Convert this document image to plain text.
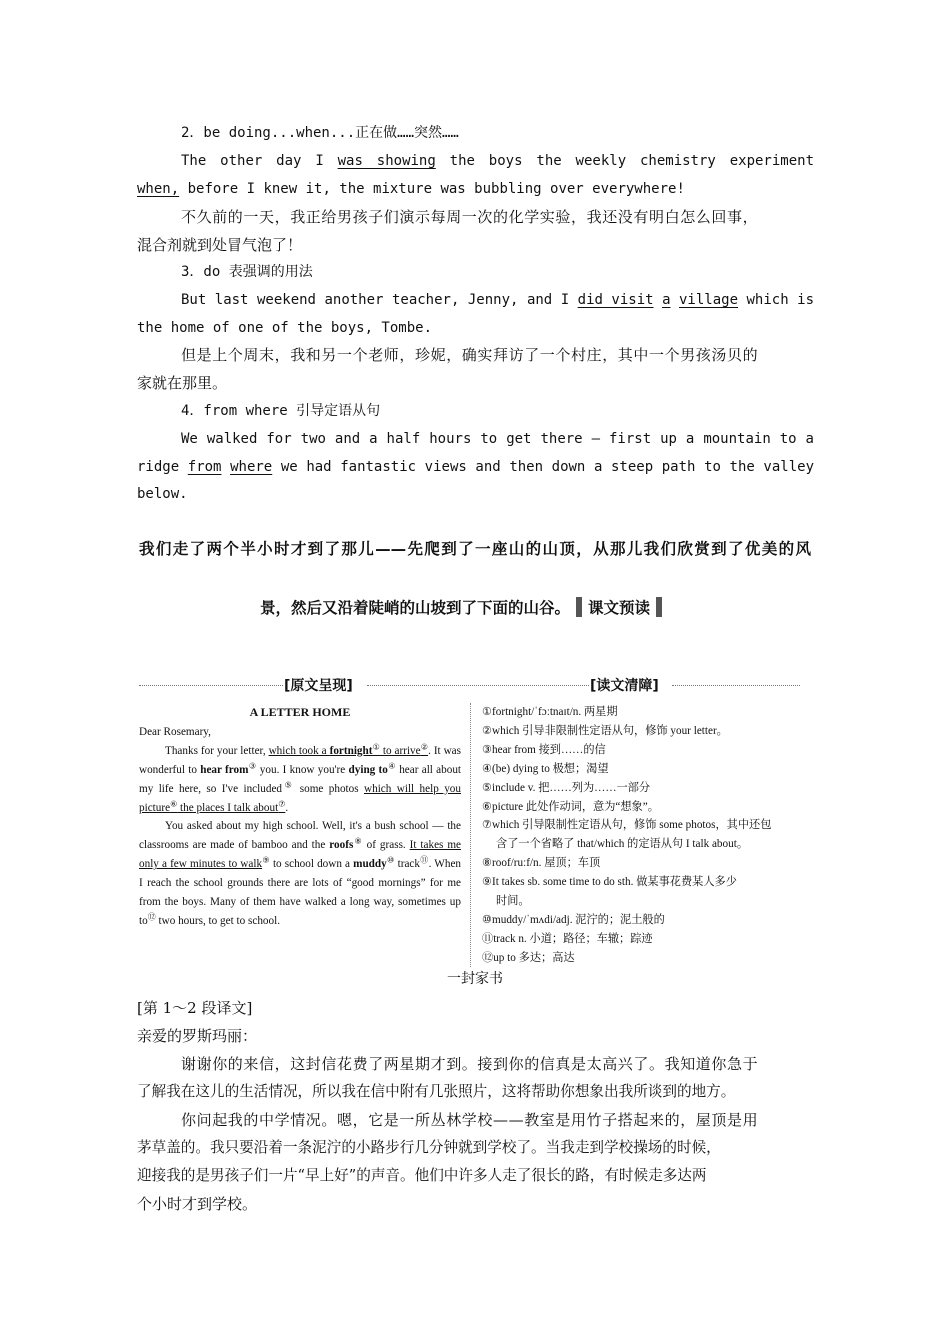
2．be doing...when...正在做……突然……
The other day I was showing the boys the weekly chemistry experiment
when, before I knew it, the mixture was bubbling over everywhere!
不久前的一天，我正给男孩子们演示每周一次的化学实验，我还没有明白怎么回事，
混合剂就到处冒气泡了！
3．do 表强调的用法
But last weekend another teacher, Jenny, and I did visit a village which is
the home of one of the boys, Tombe.
但是上个周末，我和另一个老师，珍妮，确实拜访了一个村庄，其中一个男孩汤贝的
家就在那里。
4．from where 引导定语从句
We walked for two and a half hours to get there — first up a mountain to a
ridge from where we had fantastic views and then down a steep path to the valley
below.
我们走了两个半小时才到了那儿——先爬到了一座山的山顶，从那儿我们欣赏到了优美的风
景，然后又沿着陡峭的山坡到了下面的山谷。 课文预读
[原文呈现]	[读文清障]
A LETTER HOME
Dear Rosemary,
Thanks for your letter, which took a fortnight① to arrive②. It was wonderful to hear from③ you. I know you're dying to④ hear all about my life here, so I've included⑤ some photos which will help you picture⑥ the places I talk about⑦.
You asked about my high school. Well, it's a bush school — the classrooms are made of bamboo and the roofs⑧ of grass. It takes me only a few minutes to walk⑨ to school down a muddy⑩ track⑪. When I reach the school grounds there are lots of “good mornings” for me from the boys. Many of them have walked a long way, sometimes up to⑫ two hours, to get to school.
①fortnight/ˈfɔːtnaɪt/n. 两星期
②which 引导非限制性定语从句，修饰 your letter。
③hear from 接到……的信
④(be) dying to 极想；渴望
⑤include v. 把……列为……一部分
⑥picture 此处作动词，意为“想象”。
⑦which 引导限制性定语从句，修饰 some photos，其中还包
含了一个省略了 that/which 的定语从句 I talk about。
⑧roof/ruːf/n. 屋顶；车顶
⑨It takes sb. some time to do sth. 做某事花费某人多少
时间。
⑩muddy/ˈmʌdi/adj. 泥泞的；泥土般的
⑪track n. 小道；路径；车辙；踪迹
⑫up to 多达；高达
一封家书
[第 1～2 段译文]
亲爱的罗斯玛丽：
谢谢你的来信，这封信花费了两星期才到。接到你的信真是太高兴了。我知道你急于
了解我在这儿的生活情况，所以我在信中附有几张照片，这将帮助你想象出我所谈到的地方。
你问起我的中学情况。嗯，它是一所丛林学校——教室是用竹子搭起来的，屋顶是用
茅草盖的。我只要沿着一条泥泞的小路步行几分钟就到学校了。当我走到学校操场的时候，
迎接我的是男孩子们一片“早上好”的声音。他们中许多人走了很长的路，有时候走多达两
个小时才到学校。
